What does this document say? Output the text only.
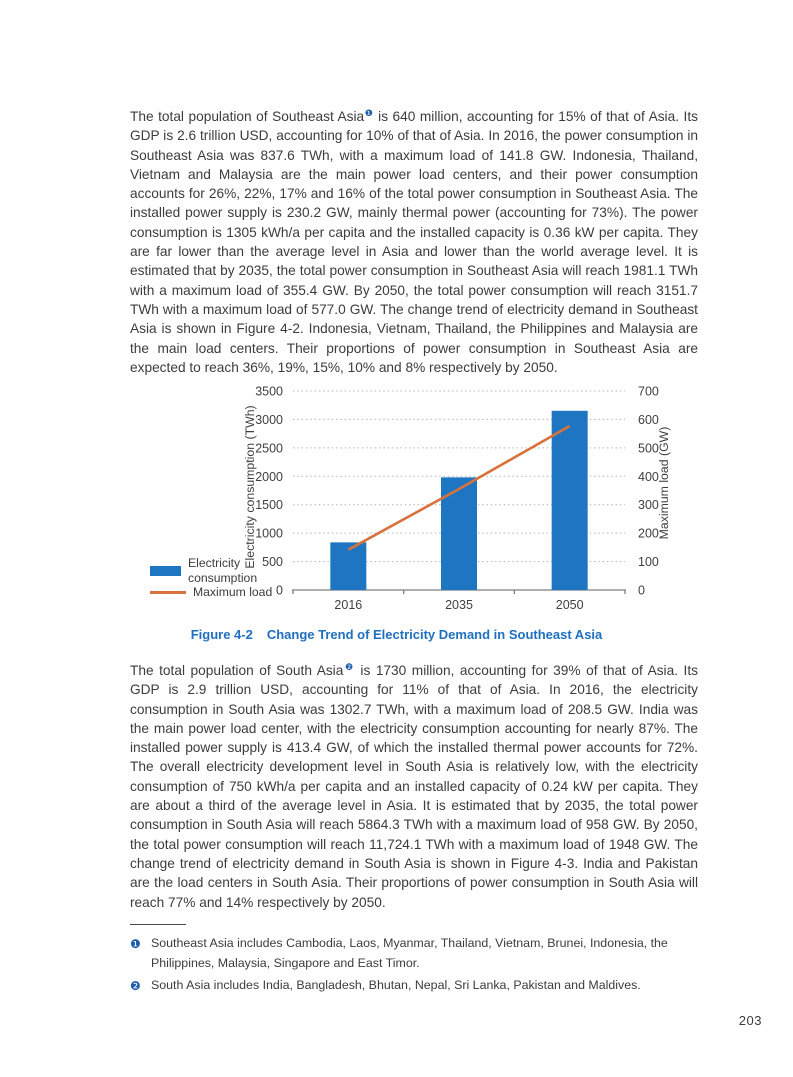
The total population of Southeast Asia$^❶$ is 640 million, accounting for 15% of that of Asia. Its GDP is 2.6 trillion USD, accounting for 10% of that of Asia. In 2016, the power consumption in Southeast Asia was 837.6 TWh, with a maximum load of 141.8 GW. Indonesia, Thailand, Vietnam and Malaysia are the main power load centers, and their power consumption accounts for 26%, 22%, 17% and 16% of the total power consumption in Southeast Asia. The installed power supply is 230.2 GW, mainly thermal power (accounting for 73%). The power consumption is 1305 kWh/a per capita and the installed capacity is 0.36 kW per capita. They are far lower than the average level in Asia and lower than the world average level. It is estimated that by 2035, the total power consumption in Southeast Asia will reach 1981.1 TWh with a maximum load of 355.4 GW. By 2050, the total power consumption will reach 3151.7 TWh with a maximum load of 577.0 GW. The change trend of electricity demand in Southeast Asia is shown in Figure 4-2. Indonesia, Vietnam, Thailand, the Philippines and Malaysia are the main load centers. Their proportions of power consumption in Southeast Asia are expected to reach 36%, 19%, 15%, 10% and 8% respectively by 2050.

0
500
1000
1500
2000
2500
3000
3500
0
100
200
300
400
500
600
700
2016	2035	2050
Electricity consumption (TWh)	Maximum load (GW)
Electricity consumption
Maximum load
Figure 4-2 Change Trend of Electricity Demand in Southeast Asia

The total population of South Asia$^❷$ is 1730 million, accounting for 39% of that of Asia. Its GDP is 2.9 trillion USD, accounting for 11% of that of Asia. In 2016, the electricity consumption in South Asia was 1302.7 TWh, with a maximum load of 208.5 GW. India was the main power load center, with the electricity consumption accounting for nearly 87%. The installed power supply is 413.4 GW, of which the installed thermal power accounts for 72%. The overall electricity development level in South Asia is relatively low, with the electricity consumption of 750 kWh/a per capita and an installed capacity of 0.24 kW per capita. They are about a third of the average level in Asia. It is estimated that by 2035, the total power consumption in South Asia will reach 5864.3 TWh with a maximum load of 958 GW. By 2050, the total power consumption will reach 11,724.1 TWh with a maximum load of 1948 GW. The change trend of electricity demand in South Asia is shown in Figure 4-3. India and Pakistan are the load centers in South Asia. Their proportions of power consumption in South Asia will reach 77% and 14% respectively by 2050.

❶ Southeast Asia includes Cambodia, Laos, Myanmar, Thailand, Vietnam, Brunei, Indonesia, the Philippines, Malaysia, Singapore and East Timor.
❷ South Asia includes India, Bangladesh, Bhutan, Nepal, Sri Lanka, Pakistan and Maldives.
203
